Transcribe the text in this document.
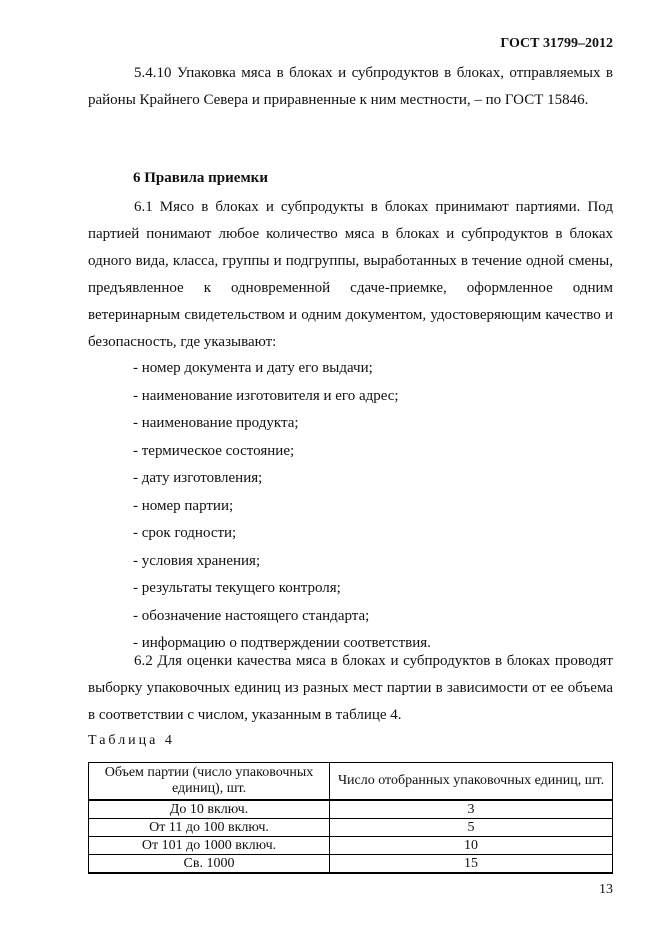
ГОСТ 31799–2012

5.4.10 Упаковка мяса в блоках и субпродуктов в блоках, отправляемых в районы Крайнего Севера и приравненные к ним местности, – по ГОСТ 15846.

6 Правила приемки

6.1 Мясо в блоках и субпродукты в блоках принимают партиями. Под партией понимают любое количество мяса в блоках и субпродуктов в блоках одного вида, класса, группы и подгруппы, выработанных в течение одной смены, предъявленное к одновременной сдаче-приемке, оформленное одним ветеринарным свидетельством и одним документом, удостоверяющим качество и безопасность, где указывают:

- номер документа и дату его выдачи;
- наименование изготовителя и его адрес;
- наименование продукта;
- термическое состояние;
- дату изготовления;
- номер партии;
- срок годности;
- условия хранения;
- результаты текущего контроля;
- обозначение настоящего стандарта;
- информацию о подтверждении соответствия.

6.2 Для оценки качества мяса в блоках и субпродуктов в блоках проводят выборку упаковочных единиц из разных мест партии в зависимости от ее объема в соответствии с числом, указанным в таблице 4.

Таблица 4
Объем партии (число упаковочных единиц), шт.	Число отобранных упаковочных единиц, шт.
До 10 включ.	3
От 11 до 100 включ.	5
От 101 до 1000 включ.	10
Св. 1000	15
13
